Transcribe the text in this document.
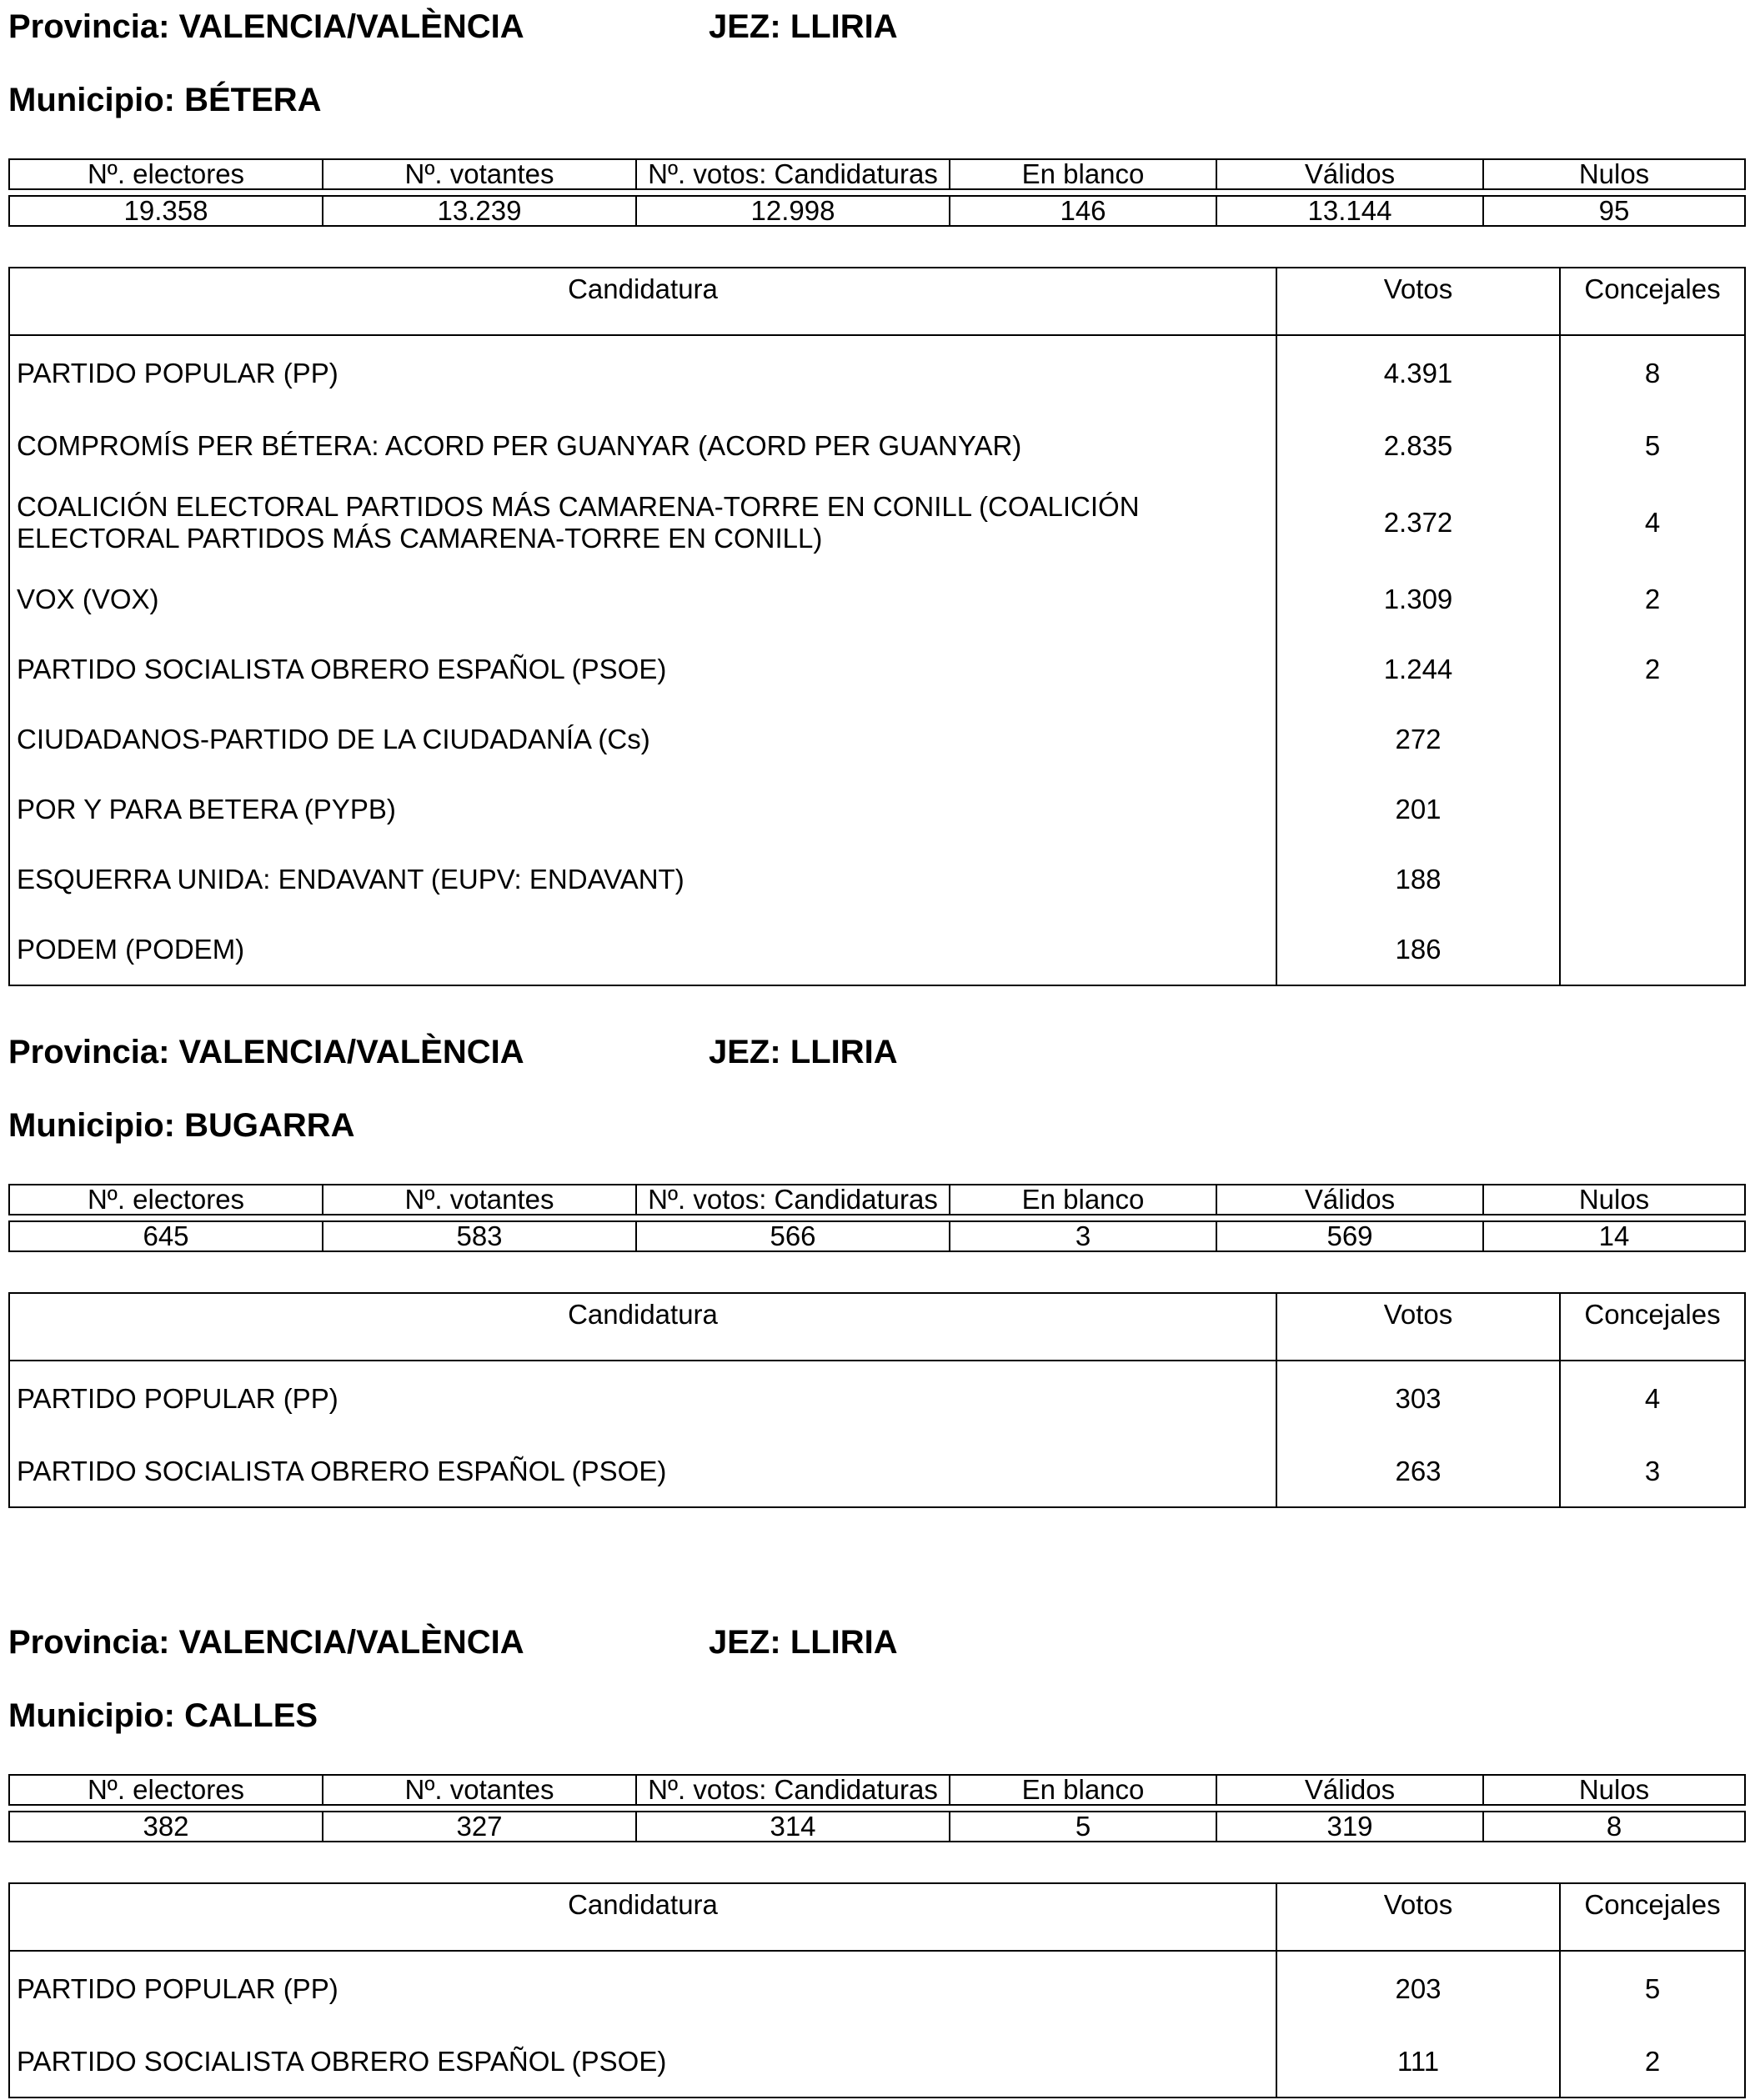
Provincia: VALENCIA/VALÈNCIA	JEZ: LLIRIA
Municipio: BÉTERA
Nº. electores	Nº. votantes	Nº. votos: Candidaturas	En blanco	Válidos	Nulos

19.358	13.239	12.998	146	13.144	95
Candidatura	Votos	Concejales
PARTIDO POPULAR (PP)	4.391	8
COMPROMÍS PER BÉTERA: ACORD PER GUANYAR (ACORD PER GUANYAR)	2.835	5
COALICIÓN ELECTORAL PARTIDOS MÁS CAMARENA-TORRE EN CONILL (COALICIÓN ELECTORAL PARTIDOS MÁS CAMARENA-TORRE EN CONILL)	2.372	4
VOX (VOX)	1.309	2
PARTIDO SOCIALISTA OBRERO ESPAÑOL (PSOE)	1.244	2
CIUDADANOS-PARTIDO DE LA CIUDADANÍA (Cs)	272	
POR Y PARA BETERA (PYPB)	201	
ESQUERRA UNIDA: ENDAVANT (EUPV: ENDAVANT)	188	
PODEM (PODEM)	186	
Provincia: VALENCIA/VALÈNCIA	JEZ: LLIRIA
Municipio: BUGARRA
Nº. electores	Nº. votantes	Nº. votos: Candidaturas	En blanco	Válidos	Nulos

645	583	566	3	569	14
Candidatura	Votos	Concejales
PARTIDO POPULAR (PP)	303	4
PARTIDO SOCIALISTA OBRERO ESPAÑOL (PSOE)	263	3
Provincia: VALENCIA/VALÈNCIA	JEZ: LLIRIA
Municipio: CALLES
Nº. electores	Nº. votantes	Nº. votos: Candidaturas	En blanco	Válidos	Nulos

382	327	314	5	319	8
Candidatura	Votos	Concejales
PARTIDO POPULAR (PP)	203	5
PARTIDO SOCIALISTA OBRERO ESPAÑOL (PSOE)	111	2
